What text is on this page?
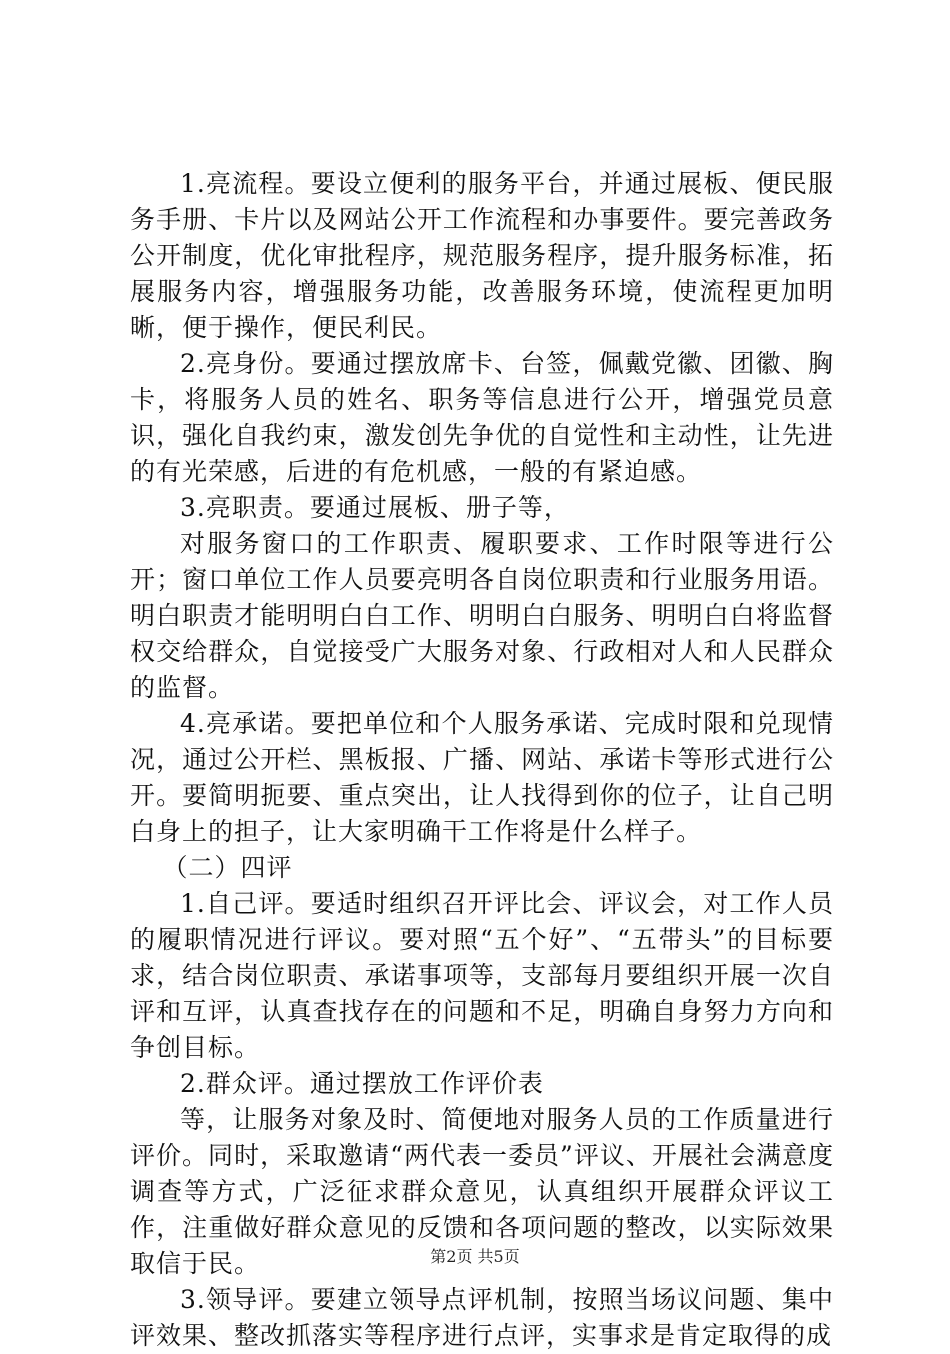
1.亮流程。要设立便利的服务平台，并通过展板、便民服务手册、卡片以及网站公开工作流程和办事要件。要完善政务公开制度，优化审批程序，规范服务程序，提升服务标准，拓展服务内容，增强服务功能，改善服务环境，使流程更加明晰，便于操作，便民利民。

2.亮身份。要通过摆放席卡、台签，佩戴党徽、团徽、胸卡，将服务人员的姓名、职务等信息进行公开，增强党员意识，强化自我约束，激发创先争优的自觉性和主动性，让先进的有光荣感，后进的有危机感，一般的有紧迫感。

3.亮职责。要通过展板、册子等，

对服务窗口的工作职责、履职要求、工作时限等进行公开；窗口单位工作人员要亮明各自岗位职责和行业服务用语。明白职责才能明明白白工作、明明白白服务、明明白白将监督权交给群众，自觉接受广大服务对象、行政相对人和人民群众的监督。

4.亮承诺。要把单位和个人服务承诺、完成时限和兑现情况，通过公开栏、黑板报、广播、网站、承诺卡等形式进行公开。要简明扼要、重点突出，让人找得到你的位子，让自己明白身上的担子，让大家明确干工作将是什么样子。

（二）四评

1.自己评。要适时组织召开评比会、评议会，对工作人员的履职情况进行评议。要对照“五个好”、“五带头”的目标要求，结合岗位职责、承诺事项等，支部每月要组织开展一次自评和互评，认真查找存在的问题和不足，明确自身努力方向和争创目标。

2.群众评。通过摆放工作评价表

等，让服务对象及时、简便地对服务人员的工作质量进行评价。同时，采取邀请“两代表一委员”评议、开展社会满意度调查等方式，广泛征求群众意见，认真组织开展群众评议工作，注重做好群众意见的反馈和各项问题的整改，以实际效果取信于民。

3.领导评。要建立领导点评机制，按照当场议问题、集中评效果、整改抓落实等程序进行点评，实事求是肯定取得的成

第2页 共5页
